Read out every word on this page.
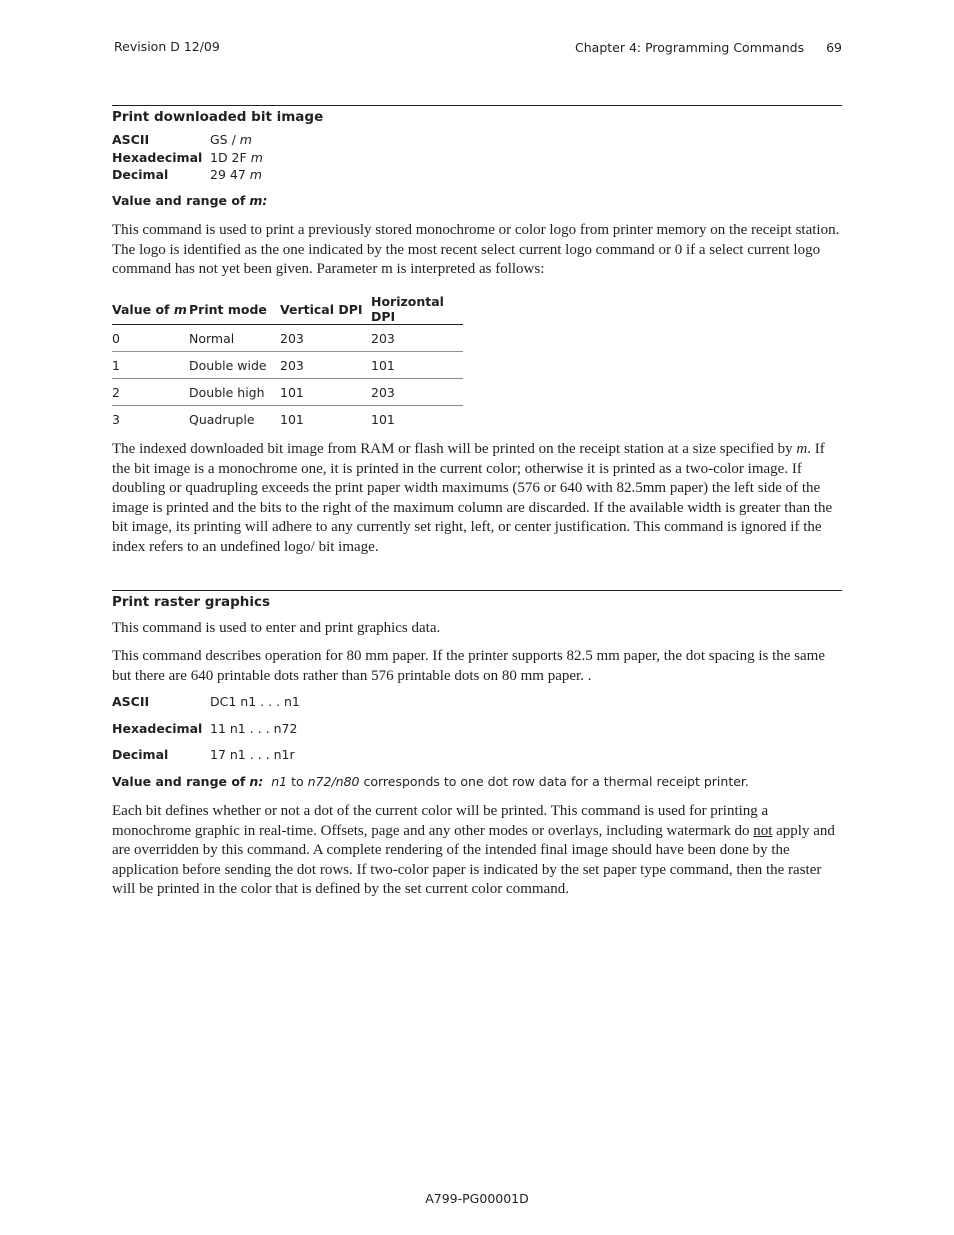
Revision D 12/09	Chapter 4: Programming Commands 69
Print downloaded bit image
ASCII	GS / m
Hexadecimal 1D 2F m
Decimal	29 47 m
Value and range of m:
This command is used to print a previously stored monochrome or color logo from printer memory on the receipt station. The logo is identified as the one indicated by the most recent select current logo command or 0 if a select current logo command has not yet been given. Parameter m is interpreted as follows:
Value of m	Print mode	Vertical DPI	Horizontal DPI
0	Normal	203	203
1	Double wide	203	101
2	Double high	101	203
3	Quadruple	101	101
The indexed downloaded bit image from RAM or flash will be printed on the receipt station at a size specified by m. If the bit image is a monochrome one, it is printed in the current color; otherwise it is printed as a two-color image. If doubling or quadrupling exceeds the print paper width maximums (576 or 640 with 82.5mm paper) the left side of the image is printed and the bits to the right of the maximum column are discarded. If the available width is greater than the bit image, its printing will adhere to any currently set right, left, or center justification. This command is ignored if the index refers to an undefined logo/ bit image.
Print raster graphics
This command is used to enter and print graphics data.
This command describes operation for 80 mm paper. If the printer supports 82.5 mm paper, the dot spacing is the same but there are 640 printable dots rather than 576 printable dots on 80 mm paper. .
ASCII	DC1 n1 . . . n1
Hexadecimal 11 n1 . . . n72
Decimal	17 n1 . . . n1r
Value and range of n: n1 to n72/n80 corresponds to one dot row data for a thermal receipt printer.
Each bit defines whether or not a dot of the current color will be printed. This command is used for printing a monochrome graphic in real-time. Offsets, page and any other modes or overlays, including watermark do not apply and are overridden by this command. A complete rendering of the intended final image should have been done by the application before sending the dot rows. If two-color paper is indicated by the set paper type command, then the raster will be printed in the color that is defined by the set current color command.
A799-PG00001D
